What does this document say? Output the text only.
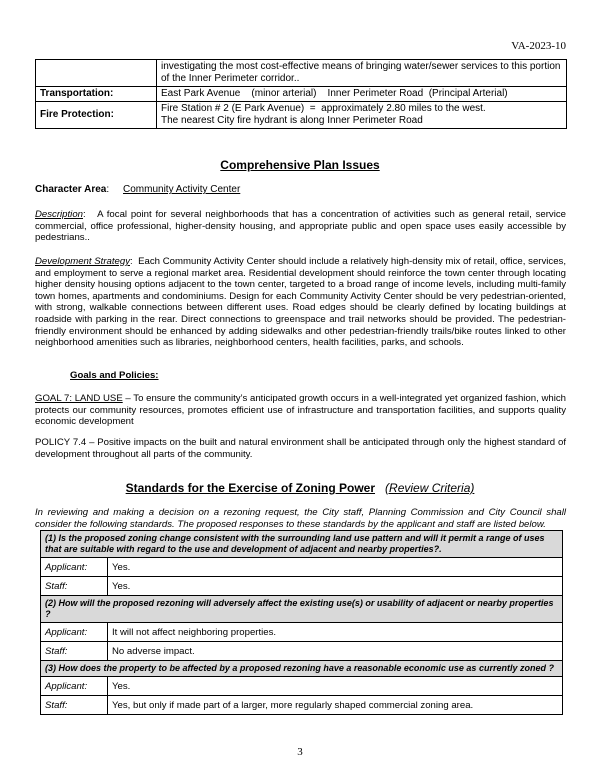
VA-2023-10
	investigating the most cost-effective means of bringing water/sewer services to this portion of the Inner Perimeter corridor..
Transportation:	East Park Avenue    (minor arterial)    Inner Perimeter Road  (Principal Arterial)
Fire Protection:	Fire Station # 2 (E Park Avenue)  =  approximately 2.80 miles to the west.
The nearest City fire hydrant is along Inner Perimeter Road
Comprehensive Plan Issues
Character Area:     Community Activity Center
Description:   A focal point for several neighborhoods that has a concentration of activities such as general retail, service commercial, office professional, higher-density housing, and appropriate public and open space uses easily accessible by pedestrians..
Development Strategy:  Each Community Activity Center should include a relatively high-density mix of retail, office, services, and employment to serve a regional market area. Residential development should reinforce the town center through locating higher density housing options adjacent to the town center, targeted to a broad range of income levels, including multi-family town homes, apartments and condominiums. Design for each Community Activity Center should be very pedestrian-oriented, with strong, walkable connections between different uses. Road edges should be clearly defined by locating buildings at roadside with parking in the rear. Direct connections to greenspace and trail networks should be provided. The pedestrian-friendly environment should be enhanced by adding sidewalks and other pedestrian-friendly trails/bike routes linked to other neighborhood amenities such as libraries, neighborhood centers, health facilities, parks, and schools.
Goals and Policies:
GOAL 7: LAND USE – To ensure the community’s anticipated growth occurs in a well-integrated yet organized fashion, which protects our community resources, promotes efficient use of infrastructure and transportation facilities, and supports quality economic development
POLICY 7.4 – Positive impacts on the built and natural environment shall be anticipated through only the highest standard of development throughout all parts of the community.
Standards for the Exercise of Zoning Power (Review Criteria)
In reviewing and making a decision on a rezoning request, the City staff, Planning Commission and City Council shall consider the following standards. The proposed responses to these standards by the applicant and staff are listed below.
(1) Is the proposed zoning change consistent with the surrounding land use pattern and will it permit a range of uses that are suitable with regard to the use and development of adjacent and nearby properties?.	
Applicant:	Yes.
Staff:	Yes.
(2) How will the proposed rezoning will adversely affect the existing use(s) or usability of adjacent or nearby properties ?	
Applicant:	It will not affect neighboring properties.
Staff:	No adverse impact.
(3) How does the property to be affected by a proposed rezoning have a reasonable economic use as currently zoned ?	
Applicant:	Yes.
Staff:	Yes, but only if made part of a larger, more regularly shaped commercial zoning area.
3
